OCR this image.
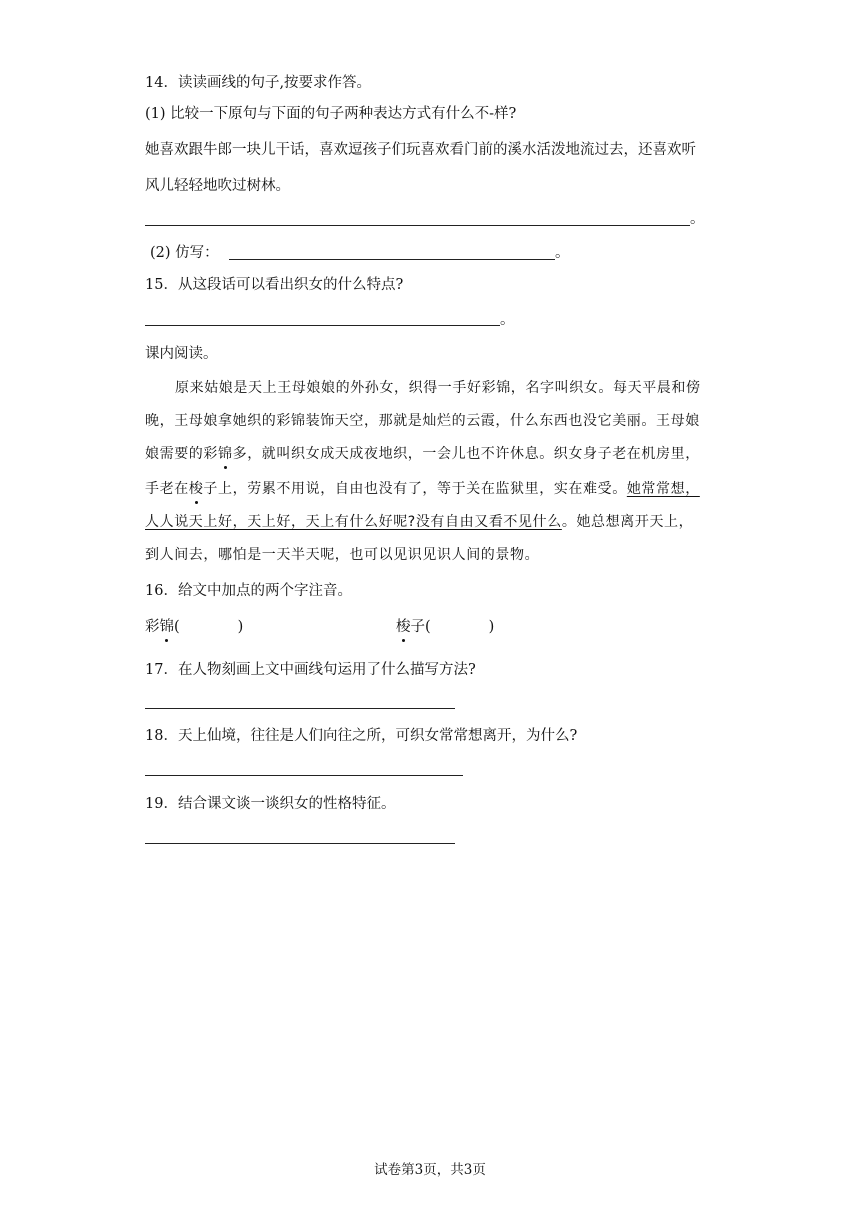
14．读读画线的句子,按要求作答。
(1) 比较一下原句与下面的句子两种表达方式有什么不-样?
她喜欢跟牛郎一块儿干话，喜欢逗孩子们玩喜欢看门前的溪水活泼地流过去，还喜欢听
风儿轻轻地吹过树林。
。
(2) 仿写：	。
15．从这段话可以看出织女的什么特点?
。
课内阅读。
原来姑娘是天上王母娘娘的外孙女，织得一手好彩锦，名字叫织女。每天平晨和傍
晚，王母娘拿她织的彩锦装饰天空，那就是灿烂的云霞，什么东西也没它美丽。王母娘
娘需要的彩锦多，就叫织女成天成夜地织，一会儿也不许休息。织女身子老在机房里，
手老在梭子上，劳累不用说，自由也没有了，等于关在监狱里，实在难受。她常常想，
人人说天上好，天上好，天上有什么好呢?没有自由又看不见什么。她总想离开天上，
到人间去，哪怕是一天半天呢，也可以见识见识人间的景物。
16．给文中加点的两个字注音。
彩锦(	)	梭子(	)
17．在人物刻画上文中画线句运用了什么描写方法?
18．天上仙境，往往是人们向往之所，可织女常常想离开，为什么?
19．结合课文谈一谈织女的性格特征。
试卷第3页，共3页
